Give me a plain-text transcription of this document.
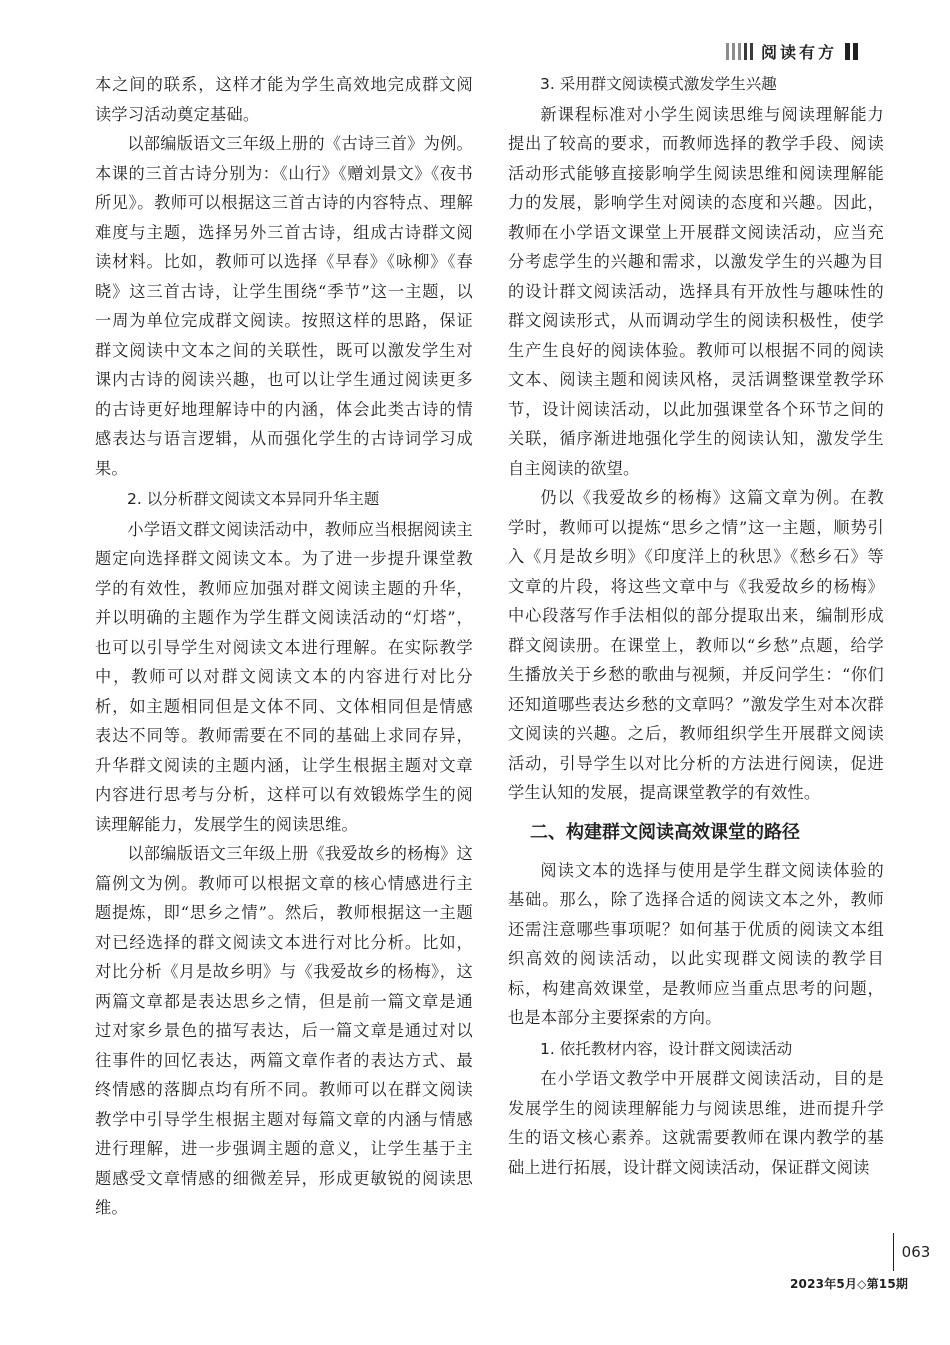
阅读有方

本之间的联系，这样才能为学生高效地完成群文阅读学习活动奠定基础。

以部编版语文三年级上册的《古诗三首》为例。本课的三首古诗分别为：《山行》《赠刘景文》《夜书所见》。教师可以根据这三首古诗的内容特点、理解难度与主题，选择另外三首古诗，组成古诗群文阅读材料。比如，教师可以选择《早春》《咏柳》《春晓》这三首古诗，让学生围绕“季节”这一主题，以一周为单位完成群文阅读。按照这样的思路，保证群文阅读中文本之间的关联性，既可以激发学生对课内古诗的阅读兴趣，也可以让学生通过阅读更多的古诗更好地理解诗中的内涵，体会此类古诗的情感表达与语言逻辑，从而强化学生的古诗词学习成果。

2. 以分析群文阅读文本异同升华主题

小学语文群文阅读活动中，教师应当根据阅读主题定向选择群文阅读文本。为了进一步提升课堂教学的有效性，教师应加强对群文阅读主题的升华，并以明确的主题作为学生群文阅读活动的“灯塔”，也可以引导学生对阅读文本进行理解。在实际教学中，教师可以对群文阅读文本的内容进行对比分析，如主题相同但是文体不同、文体相同但是情感表达不同等。教师需要在不同的基础上求同存异，升华群文阅读的主题内涵，让学生根据主题对文章内容进行思考与分析，这样可以有效锻炼学生的阅读理解能力，发展学生的阅读思维。

以部编版语文三年级上册《我爱故乡的杨梅》这篇例文为例。教师可以根据文章的核心情感进行主题提炼，即“思乡之情”。然后，教师根据这一主题对已经选择的群文阅读文本进行对比分析。比如，对比分析《月是故乡明》与《我爱故乡的杨梅》，这两篇文章都是表达思乡之情，但是前一篇文章是通过对家乡景色的描写表达，后一篇文章是通过对以往事件的回忆表达，两篇文章作者的表达方式、最终情感的落脚点均有所不同。教师可以在群文阅读教学中引导学生根据主题对每篇文章的内涵与情感进行理解，进一步强调主题的意义，让学生基于主题感受文章情感的细微差异，形成更敏锐的阅读思维。

3. 采用群文阅读模式激发学生兴趣

新课程标准对小学生阅读思维与阅读理解能力提出了较高的要求，而教师选择的教学手段、阅读活动形式能够直接影响学生阅读思维和阅读理解能力的发展，影响学生对阅读的态度和兴趣。因此，教师在小学语文课堂上开展群文阅读活动，应当充分考虑学生的兴趣和需求，以激发学生的兴趣为目的设计群文阅读活动，选择具有开放性与趣味性的群文阅读形式，从而调动学生的阅读积极性，使学生产生良好的阅读体验。教师可以根据不同的阅读文本、阅读主题和阅读风格，灵活调整课堂教学环节，设计阅读活动，以此加强课堂各个环节之间的关联，循序渐进地强化学生的阅读认知，激发学生自主阅读的欲望。

仍以《我爱故乡的杨梅》这篇文章为例。在教学时，教师可以提炼“思乡之情”这一主题，顺势引入《月是故乡明》《印度洋上的秋思》《愁乡石》等文章的片段，将这些文章中与《我爱故乡的杨梅》中心段落写作手法相似的部分提取出来，编制形成群文阅读册。在课堂上，教师以“乡愁”点题，给学生播放关于乡愁的歌曲与视频，并反问学生：“你们还知道哪些表达乡愁的文章吗？”激发学生对本次群文阅读的兴趣。之后，教师组织学生开展群文阅读活动，引导学生以对比分析的方法进行阅读，促进学生认知的发展，提高课堂教学的有效性。

二、构建群文阅读高效课堂的路径

阅读文本的选择与使用是学生群文阅读体验的基础。那么，除了选择合适的阅读文本之外，教师还需注意哪些事项呢？如何基于优质的阅读文本组织高效的阅读活动，以此实现群文阅读的教学目标，构建高效课堂，是教师应当重点思考的问题，也是本部分主要探索的方向。

1. 依托教材内容，设计群文阅读活动

在小学语文教学中开展群文阅读活动，目的是发展学生的阅读理解能力与阅读思维，进而提升学生的语文核心素养。这就需要教师在课内教学的基础上进行拓展，设计群文阅读活动，保证群文阅读

063
2023年5月◇第15期
